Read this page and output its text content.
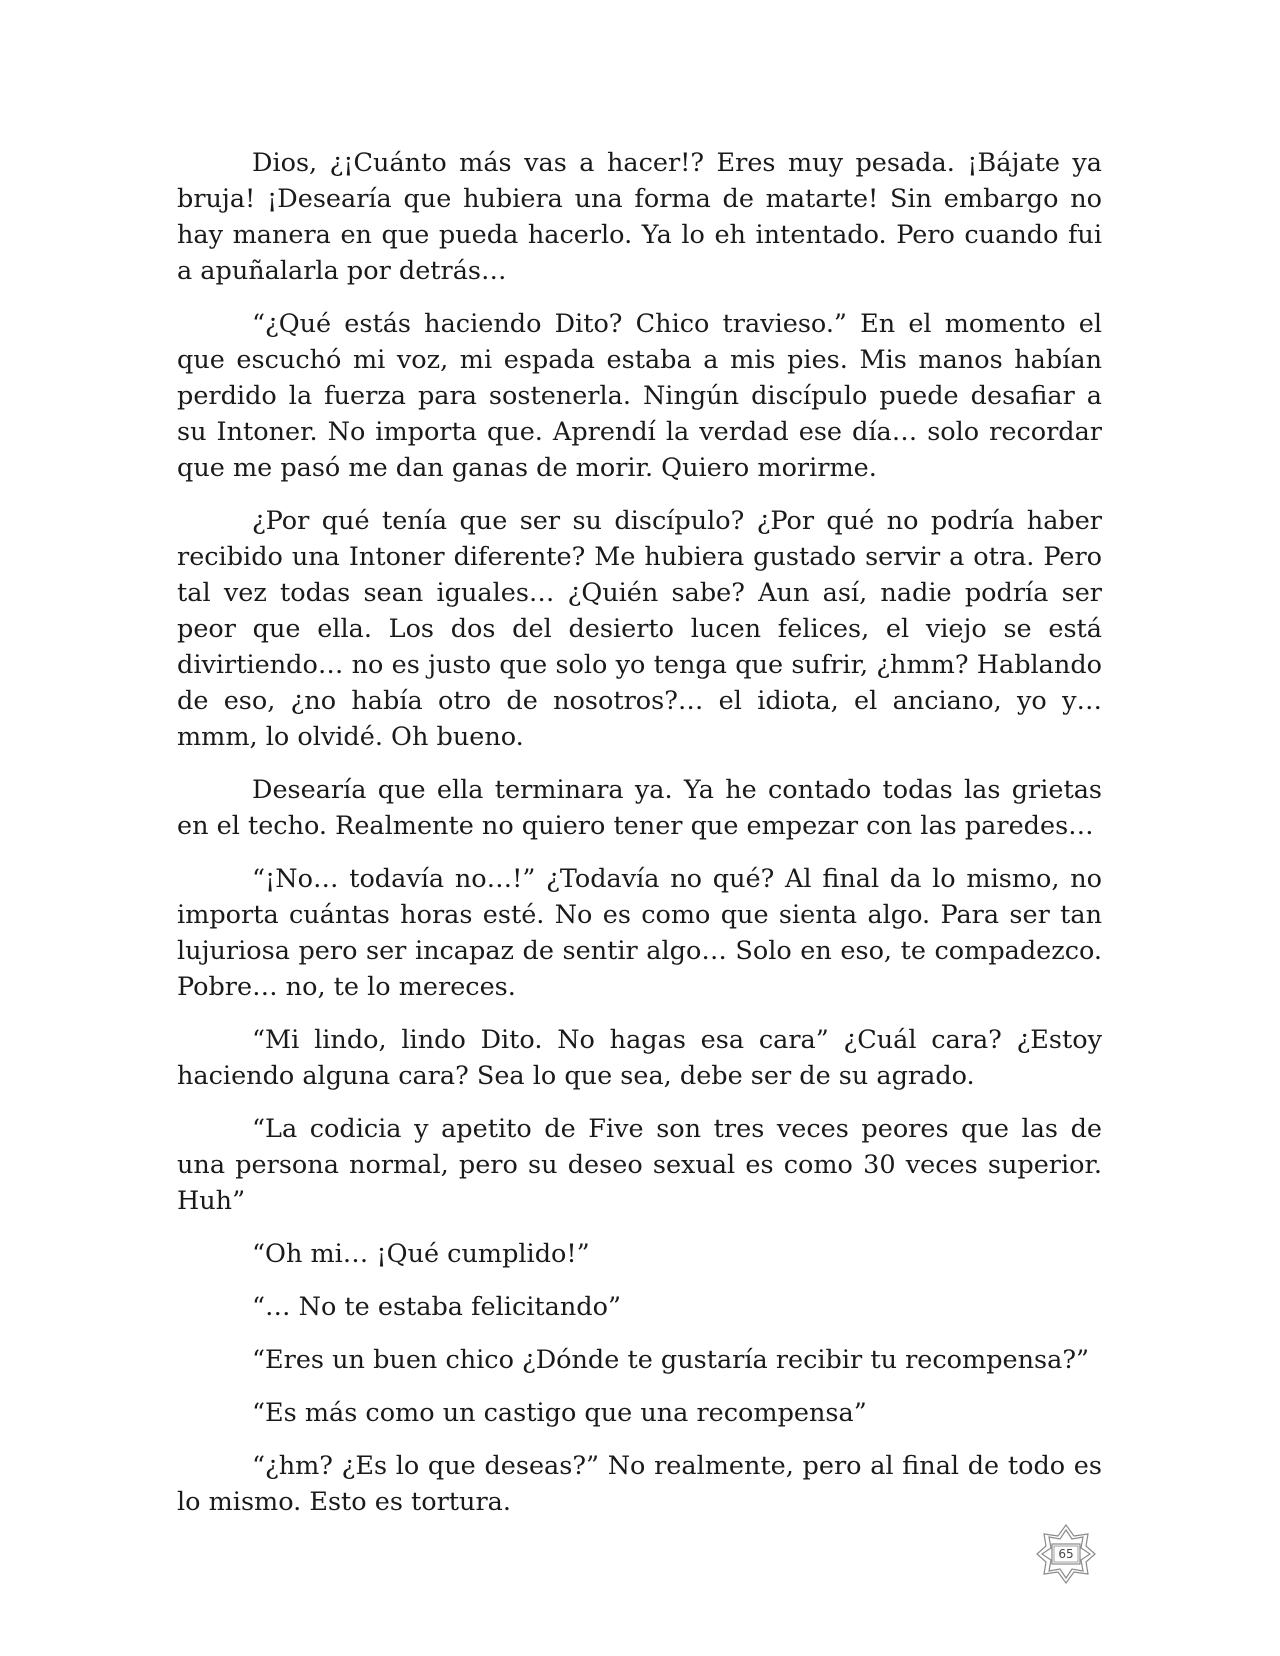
Dios, ¿¡Cuánto más vas a hacer!? Eres muy pesada. ¡Bájate ya bruja! ¡Desearía que hubiera una forma de matarte! Sin embargo no hay manera en que pueda hacerlo. Ya lo eh intentado. Pero cuando fui a apuñalarla por detrás…

“¿Qué estás haciendo Dito? Chico travieso.” En el momento el que escuchó mi voz, mi espada estaba a mis pies. Mis manos habían perdido la fuerza para sostenerla. Ningún discípulo puede desafiar a su Intoner. No importa que. Aprendí la verdad ese día… solo recordar que me pasó me dan ganas de morir. Quiero morirme.

¿Por qué tenía que ser su discípulo? ¿Por qué no podría haber recibido una Intoner diferente? Me hubiera gustado servir a otra. Pero tal vez todas sean iguales… ¿Quién sabe? Aun así, nadie podría ser peor que ella. Los dos del desierto lucen felices, el viejo se está divirtiendo… no es justo que solo yo tenga que sufrir, ¿hmm? Hablando de eso, ¿no había otro de nosotros?… el idiota, el anciano, yo y… mmm, lo olvidé. Oh bueno.

Desearía que ella terminara ya. Ya he contado todas las grietas en el techo. Realmente no quiero tener que empezar con las paredes…

“¡No… todavía no…!” ¿Todavía no qué? Al final da lo mismo, no importa cuántas horas esté. No es como que sienta algo. Para ser tan lujuriosa pero ser incapaz de sentir algo… Solo en eso, te compadezco. Pobre… no, te lo mereces.

“Mi lindo, lindo Dito. No hagas esa cara” ¿Cuál cara? ¿Estoy haciendo alguna cara? Sea lo que sea, debe ser de su agrado.

“La codicia y apetito de Five son tres veces peores que las de una persona normal, pero su deseo sexual es como 30 veces superior. Huh”

“Oh mi… ¡Qué cumplido!”

“… No te estaba felicitando”

“Eres un buen chico ¿Dónde te gustaría recibir tu recompensa?”

“Es más como un castigo que una recompensa”

“¿hm? ¿Es lo que deseas?” No realmente, pero al final de todo es lo mismo. Esto es tortura.

65
